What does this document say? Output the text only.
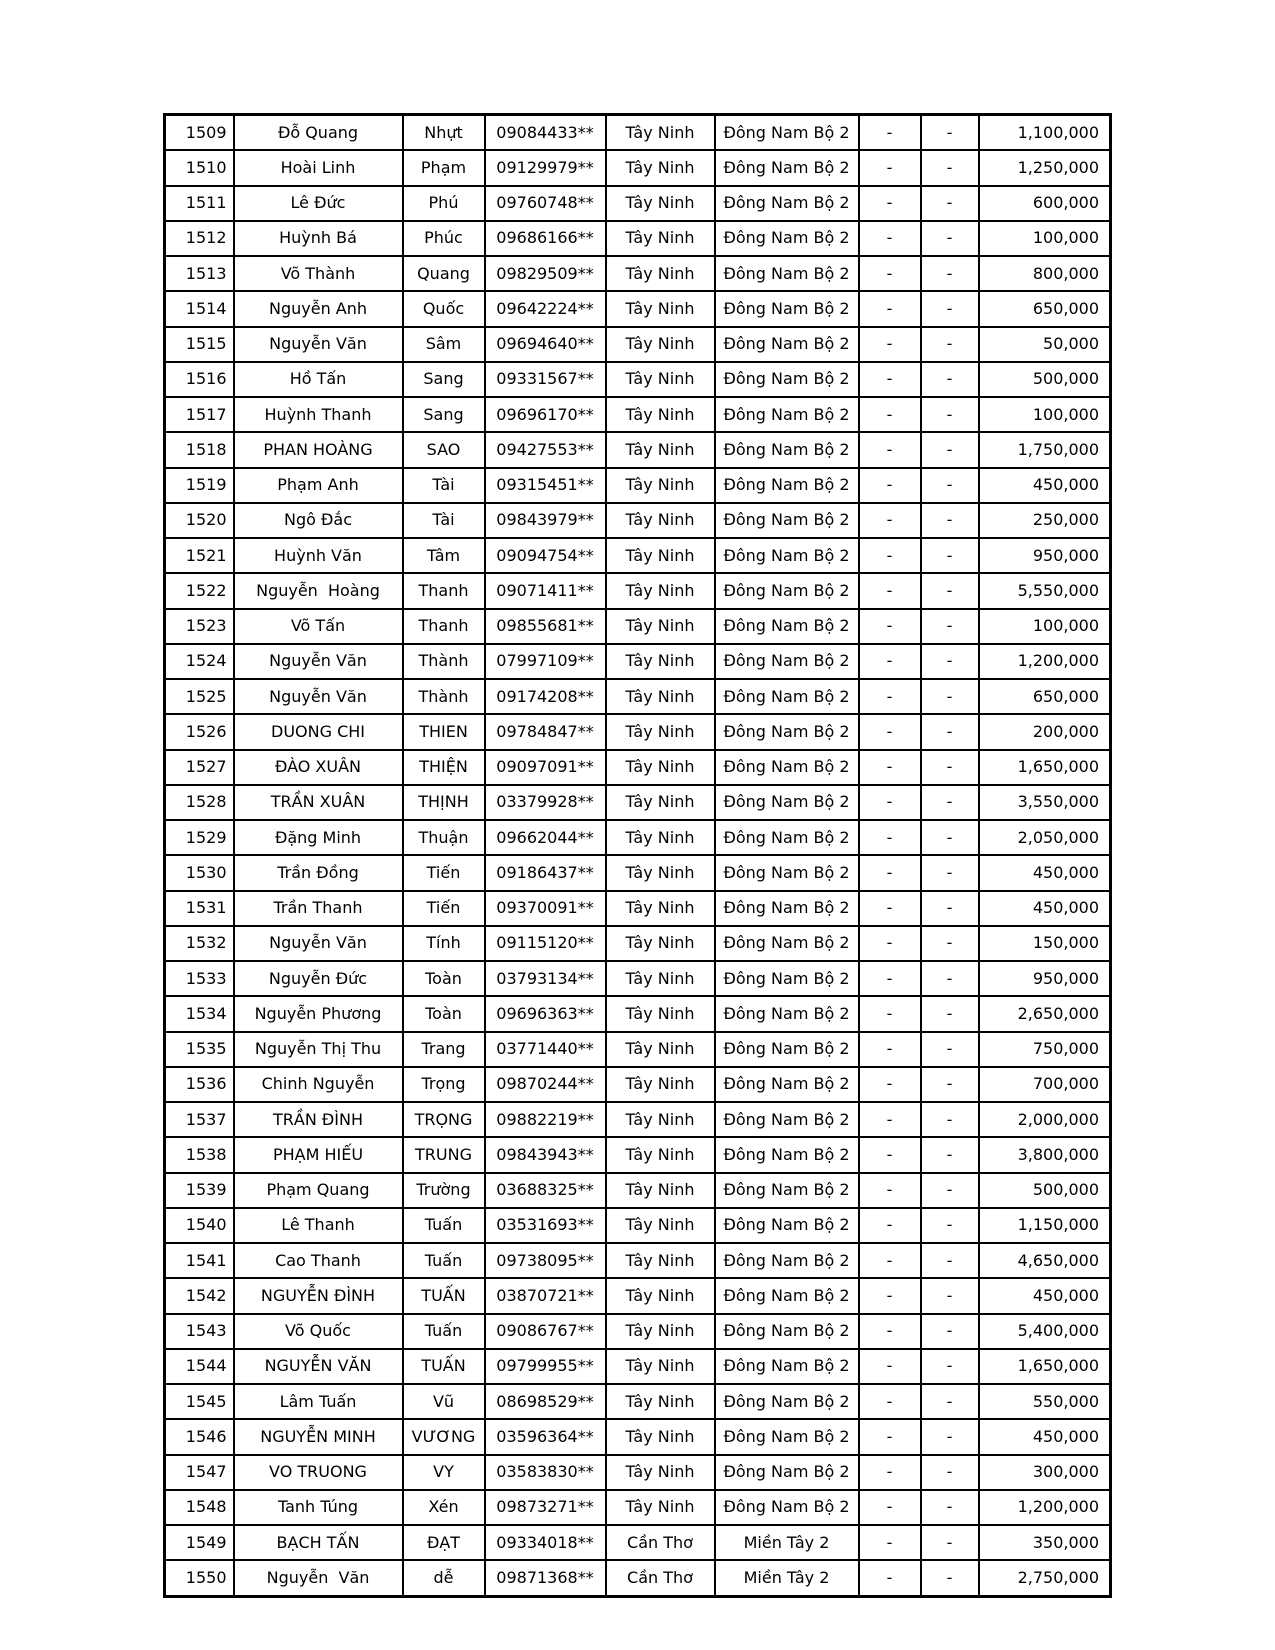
1509	Đỗ Quang	Nhựt	09084433**	Tây Ninh	Đông Nam Bộ 2	-	-	1,100,000
1510	Hoài Linh	Phạm	09129979**	Tây Ninh	Đông Nam Bộ 2	-	-	1,250,000
1511	Lê Đức	Phú	09760748**	Tây Ninh	Đông Nam Bộ 2	-	-	600,000
1512	Huỳnh Bá	Phúc	09686166**	Tây Ninh	Đông Nam Bộ 2	-	-	100,000
1513	Võ Thành	Quang	09829509**	Tây Ninh	Đông Nam Bộ 2	-	-	800,000
1514	Nguyễn Anh	Quốc	09642224**	Tây Ninh	Đông Nam Bộ 2	-	-	650,000
1515	Nguyễn Văn	Sâm	09694640**	Tây Ninh	Đông Nam Bộ 2	-	-	50,000
1516	Hồ Tấn	Sang	09331567**	Tây Ninh	Đông Nam Bộ 2	-	-	500,000
1517	Huỳnh Thanh	Sang	09696170**	Tây Ninh	Đông Nam Bộ 2	-	-	100,000
1518	PHAN HOÀNG	SAO	09427553**	Tây Ninh	Đông Nam Bộ 2	-	-	1,750,000
1519	Phạm Anh	Tài	09315451**	Tây Ninh	Đông Nam Bộ 2	-	-	450,000
1520	Ngô Đắc	Tài	09843979**	Tây Ninh	Đông Nam Bộ 2	-	-	250,000
1521	Huỳnh Văn	Tâm	09094754**	Tây Ninh	Đông Nam Bộ 2	-	-	950,000
1522	Nguyễn  Hoàng	Thanh	09071411**	Tây Ninh	Đông Nam Bộ 2	-	-	5,550,000
1523	Võ Tấn	Thanh	09855681**	Tây Ninh	Đông Nam Bộ 2	-	-	100,000
1524	Nguyễn Văn	Thành	07997109**	Tây Ninh	Đông Nam Bộ 2	-	-	1,200,000
1525	Nguyễn Văn	Thành	09174208**	Tây Ninh	Đông Nam Bộ 2	-	-	650,000
1526	DUONG CHI	THIEN	09784847**	Tây Ninh	Đông Nam Bộ 2	-	-	200,000
1527	ĐÀO XUÂN	THIỆN	09097091**	Tây Ninh	Đông Nam Bộ 2	-	-	1,650,000
1528	TRẦN XUÂN	THỊNH	03379928**	Tây Ninh	Đông Nam Bộ 2	-	-	3,550,000
1529	Đặng Minh	Thuận	09662044**	Tây Ninh	Đông Nam Bộ 2	-	-	2,050,000
1530	Trần Đồng	Tiến	09186437**	Tây Ninh	Đông Nam Bộ 2	-	-	450,000
1531	Trần Thanh	Tiến	09370091**	Tây Ninh	Đông Nam Bộ 2	-	-	450,000
1532	Nguyễn Văn	Tính	09115120**	Tây Ninh	Đông Nam Bộ 2	-	-	150,000
1533	Nguyễn Đức	Toàn	03793134**	Tây Ninh	Đông Nam Bộ 2	-	-	950,000
1534	Nguyễn Phương	Toàn	09696363**	Tây Ninh	Đông Nam Bộ 2	-	-	2,650,000
1535	Nguyễn Thị Thu	Trang	03771440**	Tây Ninh	Đông Nam Bộ 2	-	-	750,000
1536	Chinh Nguyễn	Trọng	09870244**	Tây Ninh	Đông Nam Bộ 2	-	-	700,000
1537	TRẦN ĐÌNH	TRỌNG	09882219**	Tây Ninh	Đông Nam Bộ 2	-	-	2,000,000
1538	PHẠM HIẾU	TRUNG	09843943**	Tây Ninh	Đông Nam Bộ 2	-	-	3,800,000
1539	Phạm Quang	Trường	03688325**	Tây Ninh	Đông Nam Bộ 2	-	-	500,000
1540	Lê Thanh	Tuấn	03531693**	Tây Ninh	Đông Nam Bộ 2	-	-	1,150,000
1541	Cao Thanh	Tuấn	09738095**	Tây Ninh	Đông Nam Bộ 2	-	-	4,650,000
1542	NGUYỄN ĐÌNH	TUẤN	03870721**	Tây Ninh	Đông Nam Bộ 2	-	-	450,000
1543	Võ Quốc	Tuấn	09086767**	Tây Ninh	Đông Nam Bộ 2	-	-	5,400,000
1544	NGUYỄN VĂN	TUẤN	09799955**	Tây Ninh	Đông Nam Bộ 2	-	-	1,650,000
1545	Lâm Tuấn	Vũ	08698529**	Tây Ninh	Đông Nam Bộ 2	-	-	550,000
1546	NGUYỄN MINH	VƯƠNG	03596364**	Tây Ninh	Đông Nam Bộ 2	-	-	450,000
1547	VO TRUONG	VY	03583830**	Tây Ninh	Đông Nam Bộ 2	-	-	300,000
1548	Tanh Túng	Xén	09873271**	Tây Ninh	Đông Nam Bộ 2	-	-	1,200,000
1549	BẠCH TẤN	ĐẠT	09334018**	Cần Thơ	Miền Tây 2	-	-	350,000
1550	Nguyễn  Văn	dễ	09871368**	Cần Thơ	Miền Tây 2	-	-	2,750,000
